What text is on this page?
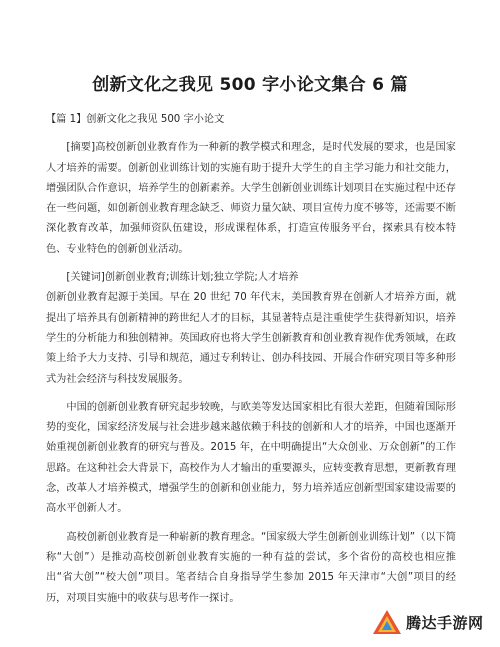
创新文化之我见 500 字小论文集合 6 篇

【篇 1】创新文化之我见 500 字小论文

[摘要]高校创新创业教育作为一种新的教学模式和理念，是时代发展的要求，也是国家人才培养的需要。创新创业训练计划的实施有助于提升大学生的自主学习能力和社交能力，增强团队合作意识，培养学生的创新素养。大学生创新创业训练计划项目在实施过程中还存在一些问题，如创新创业教育理念缺乏、师资力量欠缺、项目宣传力度不够等，还需要不断深化教育改革，加强师资队伍建设，形成课程体系，打造宣传服务平台，探索具有校本特色、专业特色的创新创业活动。

[关键词]创新创业教育;训练计划;独立学院;人才培养

创新创业教育起源于美国。早在 20 世纪 70 年代末，美国教育界在创新人才培养方面，就提出了培养具有创新精神的跨世纪人才的目标，其显著特点是注重使学生获得新知识，培养学生的分析能力和独创精神。英国政府也将大学生创新教育和创业教育视作优秀领域，在政策上给予大力支持、引导和规范，通过专利转让、创办科技园、开展合作研究项目等多种形式为社会经济与科技发展服务。

中国的创新创业教育研究起步较晚，与欧美等发达国家相比有很大差距，但随着国际形势的变化，国家经济发展与社会进步越来越依赖于科技的创新和人才的培养，中国也逐渐开始重视创新创业教育的研究与普及。2015 年，在中明确提出“大众创业、万众创新”的工作思路。在这种社会大背景下，高校作为人才输出的重要源头，应转变教育思想，更新教育理念，改革人才培养模式，增强学生的创新和创业能力，努力培养适应创新型国家建设需要的高水平创新人才。

高校创新创业教育是一种崭新的教育理念。“国家级大学生创新创业训练计划”（以下简称“大创”）是推动高校创新创业教育实施的一种有益的尝试，多个省份的高校也相应推出“省大创”“校大创”项目。笔者结合自身指导学生参加 2015 年天津市“大创”项目的经历，对项目实施中的收获与思考作一探讨。

腾达手游网
